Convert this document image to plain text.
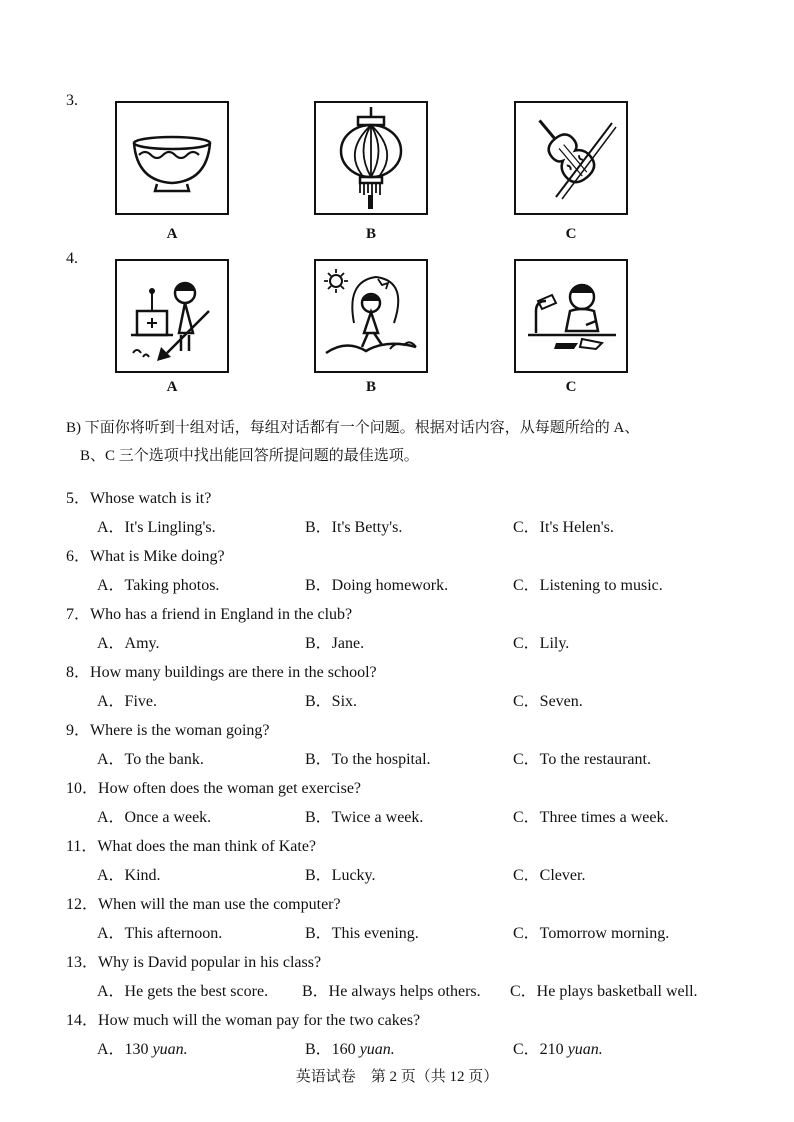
3.
A	B	C
4.
A	B	C
B) 下面你将听到十组对话，每组对话都有一个问题。根据对话内容，从每题所给的 A、
B、C 三个选项中找出能回答所提问题的最佳选项。
5．Whose watch is it?
A．It's Lingling's.	B．It's Betty's.	C．It's Helen's.
6．What is Mike doing?
A．Taking photos.	B．Doing homework.	C．Listening to music.
7．Who has a friend in England in the club?
A．Amy.	B．Jane.	C．Lily.
8．How many buildings are there in the school?
A．Five.	B．Six.	C．Seven.
9．Where is the woman going?
A．To the bank.	B．To the hospital.	C．To the restaurant.
10．How often does the woman get exercise?
A．Once a week.	B．Twice a week.	C．Three times a week.
11．What does the man think of Kate?
A．Kind.	B．Lucky.	C．Clever.
12．When will the man use the computer?
A．This afternoon.	B．This evening.	C．Tomorrow morning.
13．Why is David popular in his class?
A．He gets the best score. B．He always helps others. C．He plays basketball well.
14．How much will the woman pay for the two cakes?
A．130 yuan.	B．160 yuan.	C．210 yuan.
英语试卷　第 2 页（共 12 页）
